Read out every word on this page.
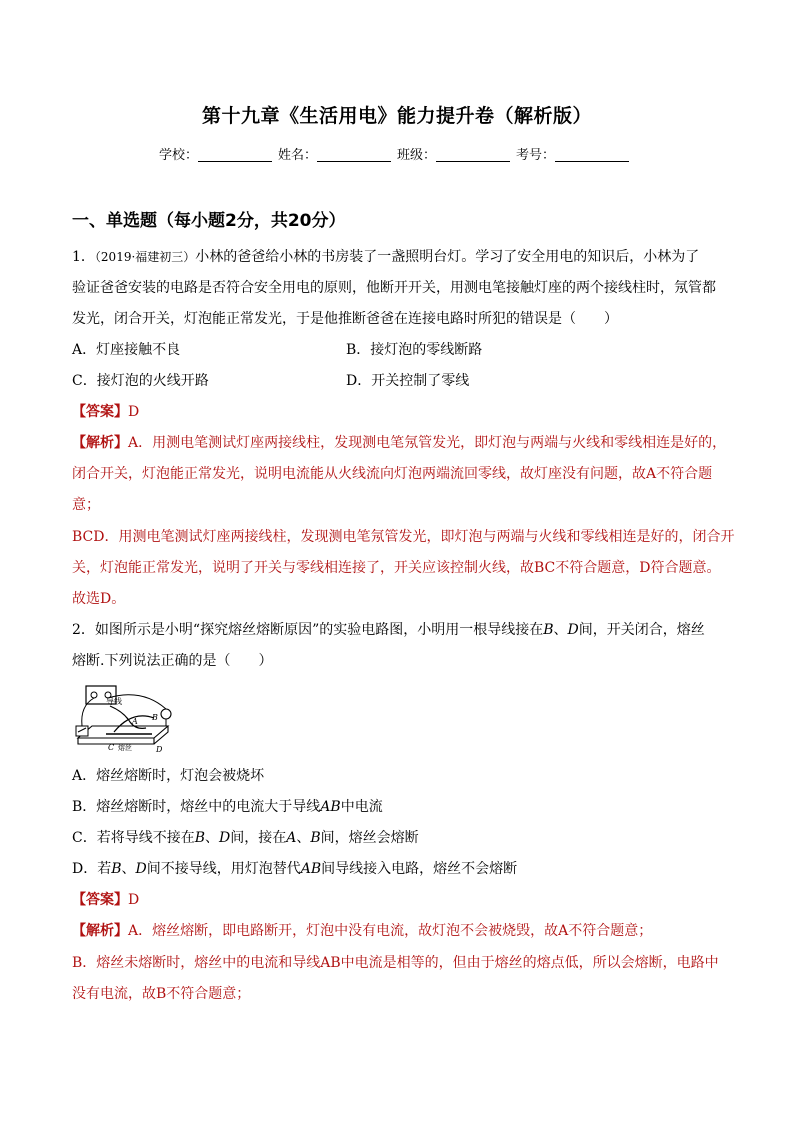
第十九章《生活用电》能力提升卷（解析版）
学校：	姓名：	班级：	考号：
一、单选题（每小题2分，共20分）
1．（2019·福建初三）小林的爸爸给小林的书房装了一盏照明台灯。学习了安全用电的知识后，小林为了
验证爸爸安装的电路是否符合安全用电的原则，他断开开关，用测电笔接触灯座的两个接线柱时，氖管都
发光，闭合开关，灯泡能正常发光，于是他推断爸爸在连接电路时所犯的错误是（　　）
A．灯座接触不良	B．接灯泡的零线断路
C．接灯泡的火线开路	D．开关控制了零线
【答案】D
【解析】A．用测电笔测试灯座两接线柱，发现测电笔氖管发光，即灯泡与两端与火线和零线相连是好的，
闭合开关，灯泡能正常发光，说明电流能从火线流向灯泡两端流回零线，故灯座没有问题，故A不符合题
意；
BCD．用测电笔测试灯座两接线柱，发现测电笔氖管发光，即灯泡与两端与火线和零线相连是好的，闭合开
关，灯泡能正常发光，说明了开关与零线相连接了，开关应该控制火线，故BC不符合题意，D符合题意。
故选D。
2．如图所示是小明“探究熔丝熔断原因”的实验电路图，小明用一根导线接在B、D间，开关闭合，熔丝
熔断.下列说法正确的是（　　）
导线
A B
C 熔丝	D
A．熔丝熔断时，灯泡会被烧坏
B．熔丝熔断时，熔丝中的电流大于导线AB中电流
C．若将导线不接在B、D间，接在A、B间，熔丝会熔断
D．若B、D间不接导线，用灯泡替代AB间导线接入电路，熔丝不会熔断
【答案】D
【解析】A．熔丝熔断，即电路断开，灯泡中没有电流，故灯泡不会被烧毁，故A不符合题意；
B．熔丝未熔断时，熔丝中的电流和导线AB中电流是相等的，但由于熔丝的熔点低，所以会熔断，电路中
没有电流，故B不符合题意；
